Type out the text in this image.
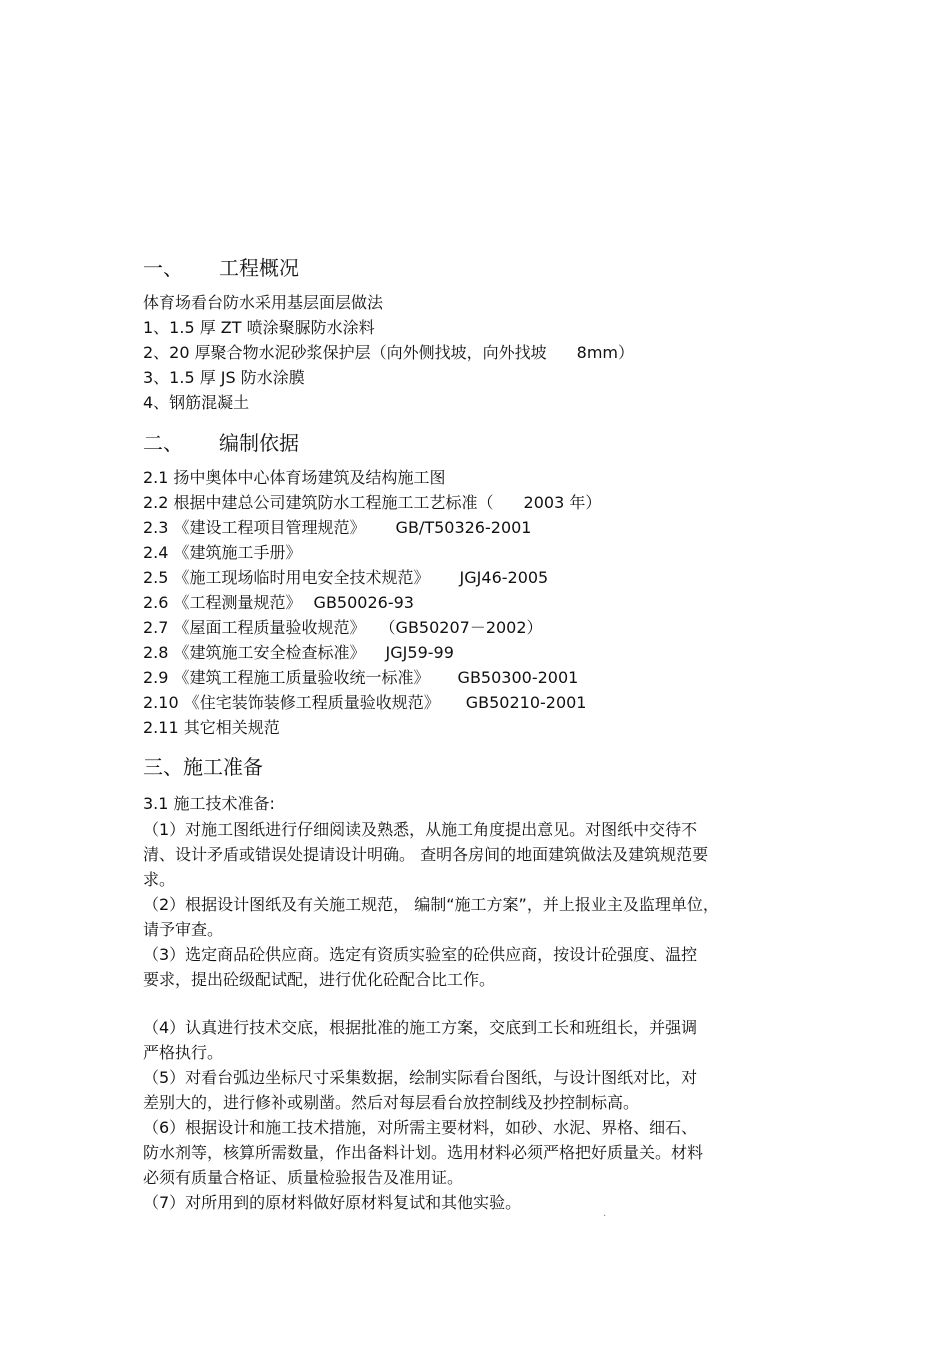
一、 工程概况
体育场看台防水采用基层面层做法
1、1.5 厚 ZT 喷涂聚脲防水涂料
2、20 厚聚合物水泥砂浆保护层（向外侧找坡，向外找坡 8mm）
3、1.5 厚 JS 防水涂膜
4、钢筋混凝土
二、 编制依据
2.1 扬中奥体中心体育场建筑及结构施工图
2.2 根据中建总公司建筑防水工程施工工艺标准（ 2003 年）
2.3 《建设工程项目管理规范》 GB/T50326-2001
2.4 《建筑施工手册》
2.5 《施工现场临时用电安全技术规范》 JGJ46-2005
2.6 《工程测量规范》 GB50026-93
2.7 《屋面工程质量验收规范》 （GB50207－2002）
2.8 《建筑施工安全检查标准》 JGJ59-99
2.9 《建筑工程施工质量验收统一标准》 GB50300-2001
2.10 《住宅装饰装修工程质量验收规范》 GB50210-2001
2.11 其它相关规范
三、施工准备
3.1 施工技术准备:
（1）对施工图纸进行仔细阅读及熟悉，从施工角度提出意见。对图纸中交待不
清、设计矛盾或错误处提请设计明确。 查明各房间的地面建筑做法及建筑规范要
求。
（2）根据设计图纸及有关施工规范， 编制“施工方案”，并上报业主及监理单位，
请予审查。
（3）选定商品砼供应商。选定有资质实验室的砼供应商，按设计砼强度、温控
要求，提出砼级配试配，进行优化砼配合比工作。
（4）认真进行技术交底，根据批准的施工方案，交底到工长和班组长，并强调
严格执行。
（5）对看台弧边坐标尺寸采集数据，绘制实际看台图纸，与设计图纸对比，对
差别大的，进行修补或剔凿。然后对每层看台放控制线及抄控制标高。
（6）根据设计和施工技术措施，对所需主要材料，如砂、水泥、界格、细石、
防水剂等，核算所需数量，作出备料计划。选用材料必须严格把好质量关。材料
必须有质量合格证、质量检验报告及准用证。
（7）对所用到的原材料做好原材料复试和其他实验。
.
